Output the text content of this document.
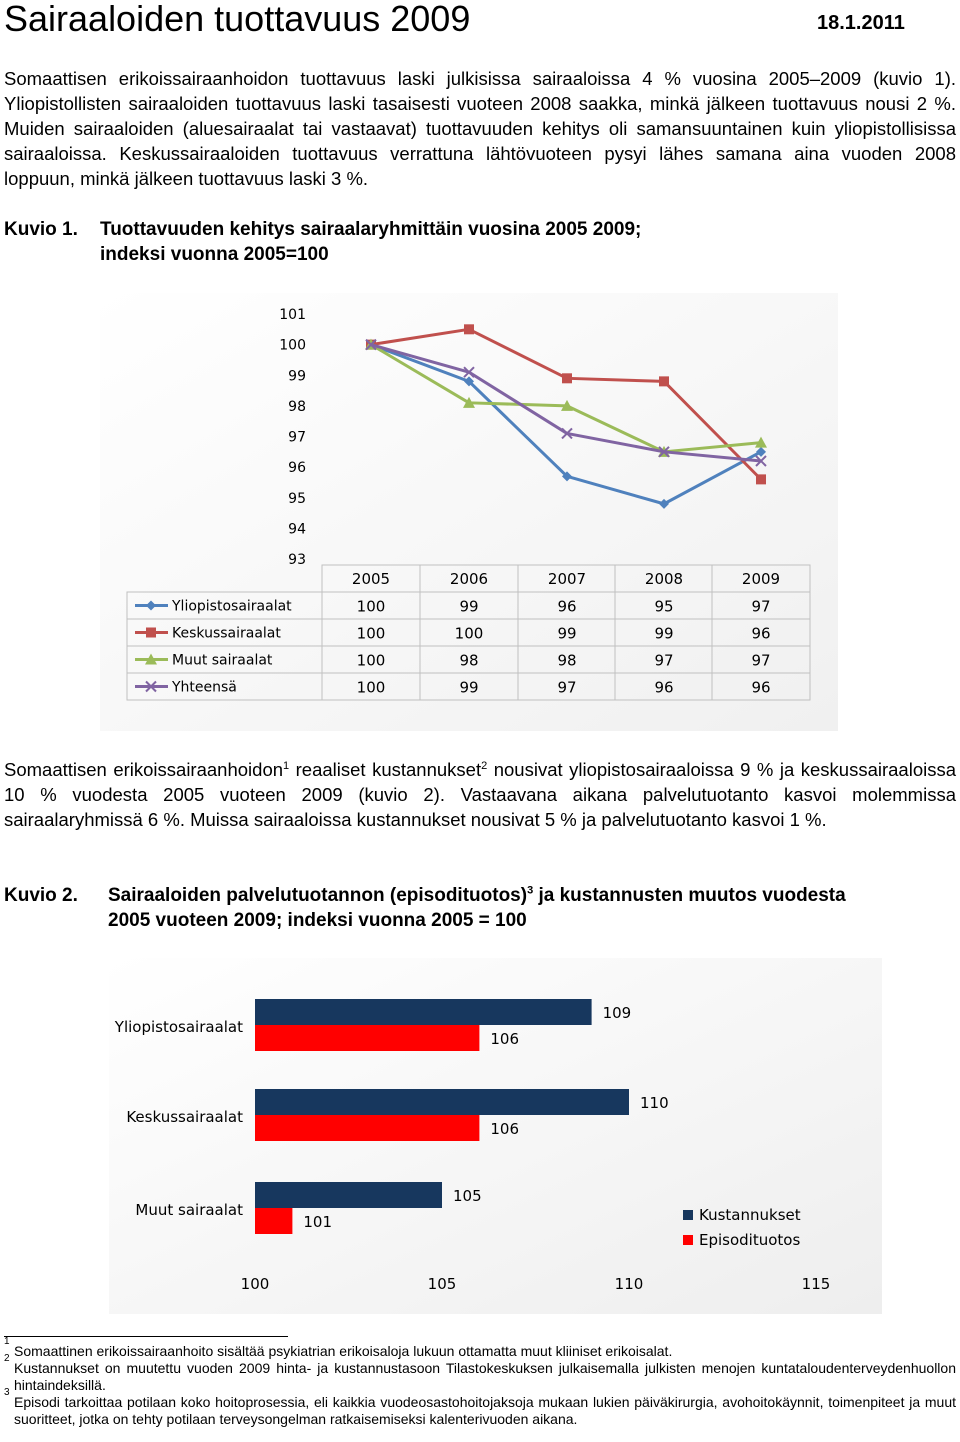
Sairaaloiden tuottavuus 2009	18.1.2011

Somaattisen erikoissairaanhoidon tuottavuus laski julkisissa sairaaloissa 4 % vuosina 2005–2009 (kuvio 1). Yliopistollisten sairaaloiden tuottavuus laski tasaisesti vuoteen 2008 saakka, minkä jälkeen tuottavuus nousi 2 %. Muiden sairaaloiden (aluesairaalat tai vastaavat) tuottavuuden kehitys oli samansuuntainen kuin yliopistollisissa sairaaloissa. Keskussairaaloiden tuottavuus verrattuna lähtövuoteen pysyi lähes samana aina vuoden 2008 loppuun, minkä jälkeen tuottavuus laski 3 %.

Kuvio 1. Tuottavuuden kehitys sairaalaryhmittäin vuosina 2005 2009;
indeksi vuonna 2005=100
93
94
95
96
97
98
99
100
101
2005	2006	2007	2008	2009
Yliopistosairaalat	100	99	96	95	97
Keskussairaalat	100	100	99	99	96
Muut sairaalat	100	98	98	97	97
Yhteensä	100	99	97	96	96

Somaattisen erikoissairaanhoidon$^1$ reaaliset kustannukset$^2$ nousivat yliopistosairaaloissa 9 % ja keskussairaaloissa 10 % vuodesta 2005 vuoteen 2009 (kuvio 2). Vastaavana aikana palvelutuotanto kasvoi molemmissa sairaalaryhmissä 6 %. Muissa sairaaloissa kustannukset nousivat 5 % ja palvelutuotanto kasvoi 1 %.

Kuvio 2. Sairaaloiden palvelutuotannon (episodituotos)$^3$ ja kustannusten muutos vuodesta
2005 vuoteen 2009; indeksi vuonna 2005 = 100
100	105	110	115
Yliopistosairaalat
109
106
Keskussairaalat
110
106
Muut sairaalat
105
101	Kustannukset
Episodituotos
1
Somaattinen erikoissairaanhoito sisältää psykiatrian erikoisaloja lukuun ottamatta muut kliiniset erikoisalat.
2
Kustannukset on muutettu vuoden 2009 hinta- ja kustannustasoon Tilastokeskuksen julkaisemalla julkisten menojen kuntataloudenterveydenhuollon hintaindeksillä.
3
Episodi tarkoittaa potilaan koko hoitoprosessia, eli kaikkia vuodeosastohoitojaksoja mukaan lukien päiväkirurgia, avohoitokäynnit, toimenpiteet ja muut suoritteet, jotka on tehty potilaan terveysongelman ratkaisemiseksi kalenterivuoden aikana.
